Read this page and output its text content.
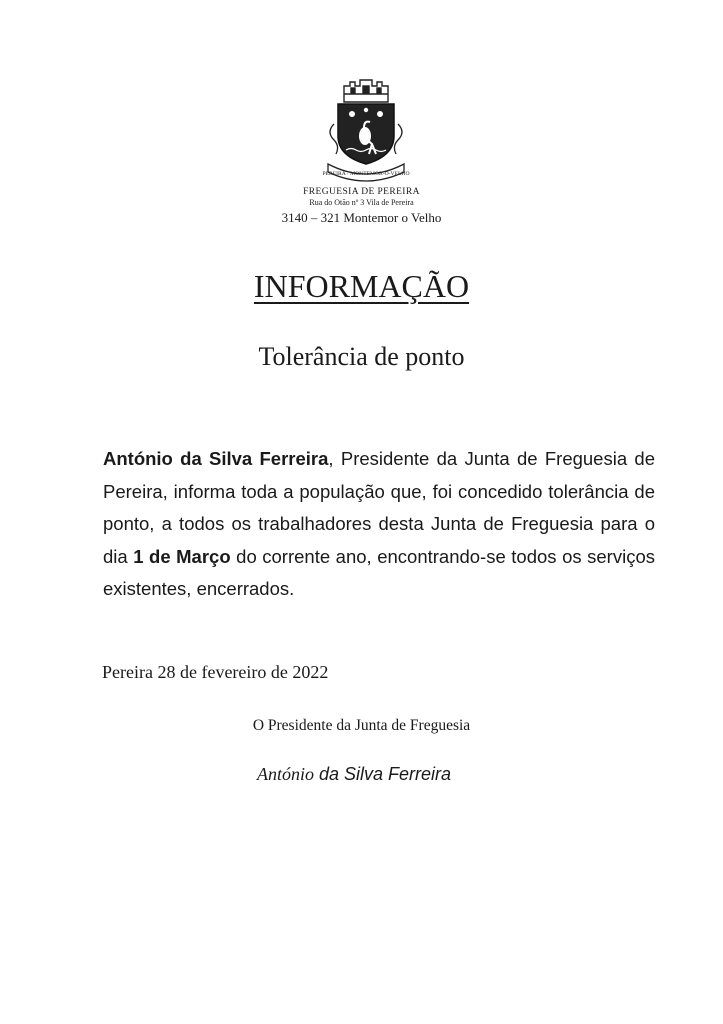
PEREIRA · MONTEMOR-O-VELHO
FREGUESIA DE PEREIRA
Rua do Otão nº 3 Vila de Pereira
3140 – 321 Montemor o Velho
INFORMAÇÃO
Tolerância de ponto
António da Silva Ferreira, Presidente da Junta de Freguesia de Pereira, informa toda a população que, foi concedido tolerância de ponto, a todos os trabalhadores desta Junta de Freguesia para o dia 1 de Março do corrente ano, encontrando-se todos os serviços existentes, encerrados.
Pereira 28 de fevereiro de 2022
O Presidente da Junta de Freguesia
António da Silva Ferreira
